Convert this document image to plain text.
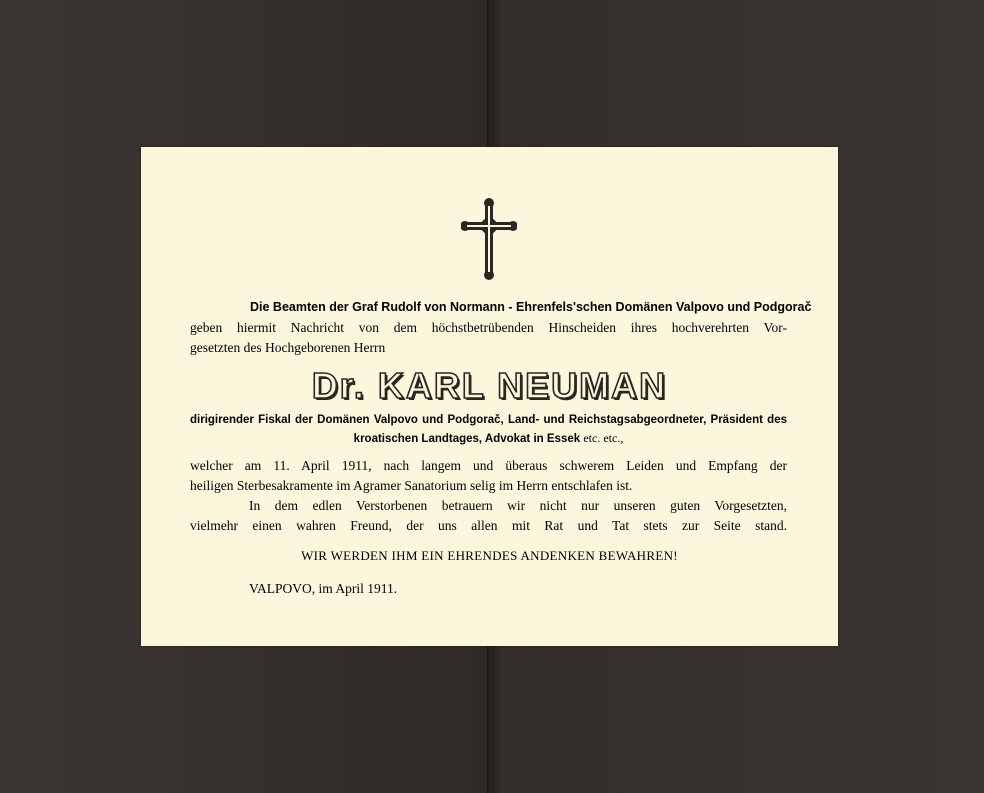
Die Beamten der Graf Rudolf von Normann - Ehrenfels'schen Domänen Valpovo und Podgorač

geben hiermit Nachricht von dem höchstbetrübenden Hinscheiden ihres hochverehrten Vor-

gesetzten des Hochgeborenen Herrn

Dr. KARL NEUMAN

dirigirender Fiskal der Domänen Valpovo und Podgorač, Land- und Reichstagsabgeordneter, Präsident des

kroatischen Landtages, Advokat in Essek etc. etc.,

welcher am 11. April 1911, nach langem und überaus schwerem Leiden und Empfang der

heiligen Sterbesakramente im Agramer Sanatorium selig im Herrn entschlafen ist.

In dem edlen Verstorbenen betrauern wir nicht nur unseren guten Vorgesetzten,

vielmehr einen wahren Freund, der uns allen mit Rat und Tat stets zur Seite stand.

WIR WERDEN IHM EIN EHRENDES ANDENKEN BEWAHREN!

VALPOVO, im April 1911.
